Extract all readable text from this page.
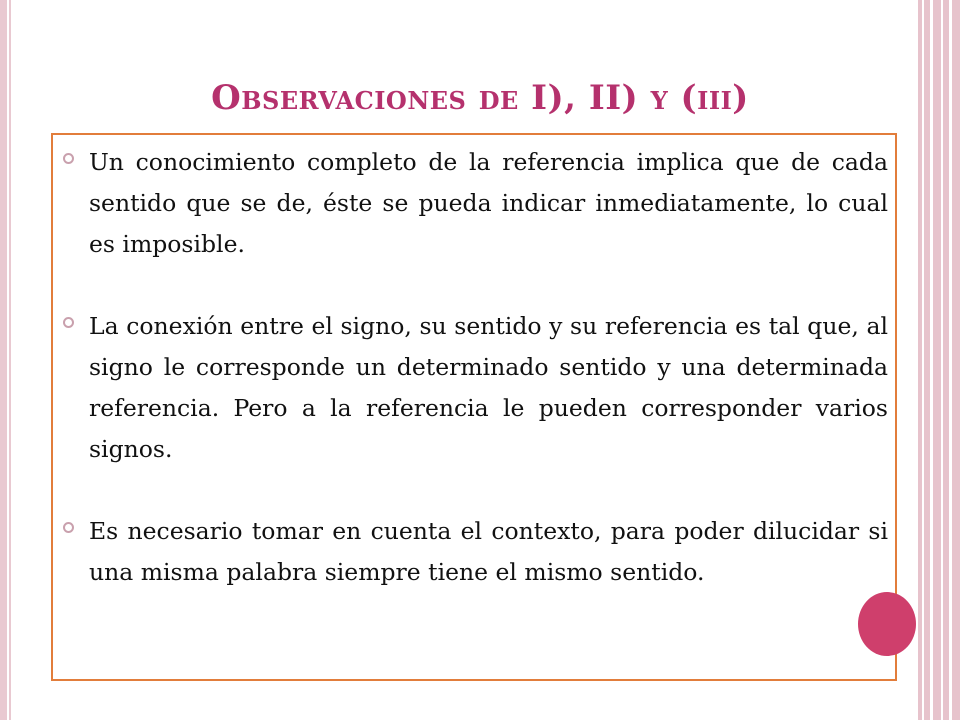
Observaciones de I), II) y (iii)
Un conocimiento completo de la referencia implica que de cada sentido que se de, éste se pueda indicar inmediatamente, lo cual es imposible.
La conexión entre el signo, su sentido y su referencia es tal que, al signo le corresponde un determinado sentido y una determinada referencia. Pero a la referencia le pueden corresponder varios signos.
Es necesario tomar en cuenta el contexto, para poder dilucidar si una misma palabra siempre tiene el mismo sentido.
